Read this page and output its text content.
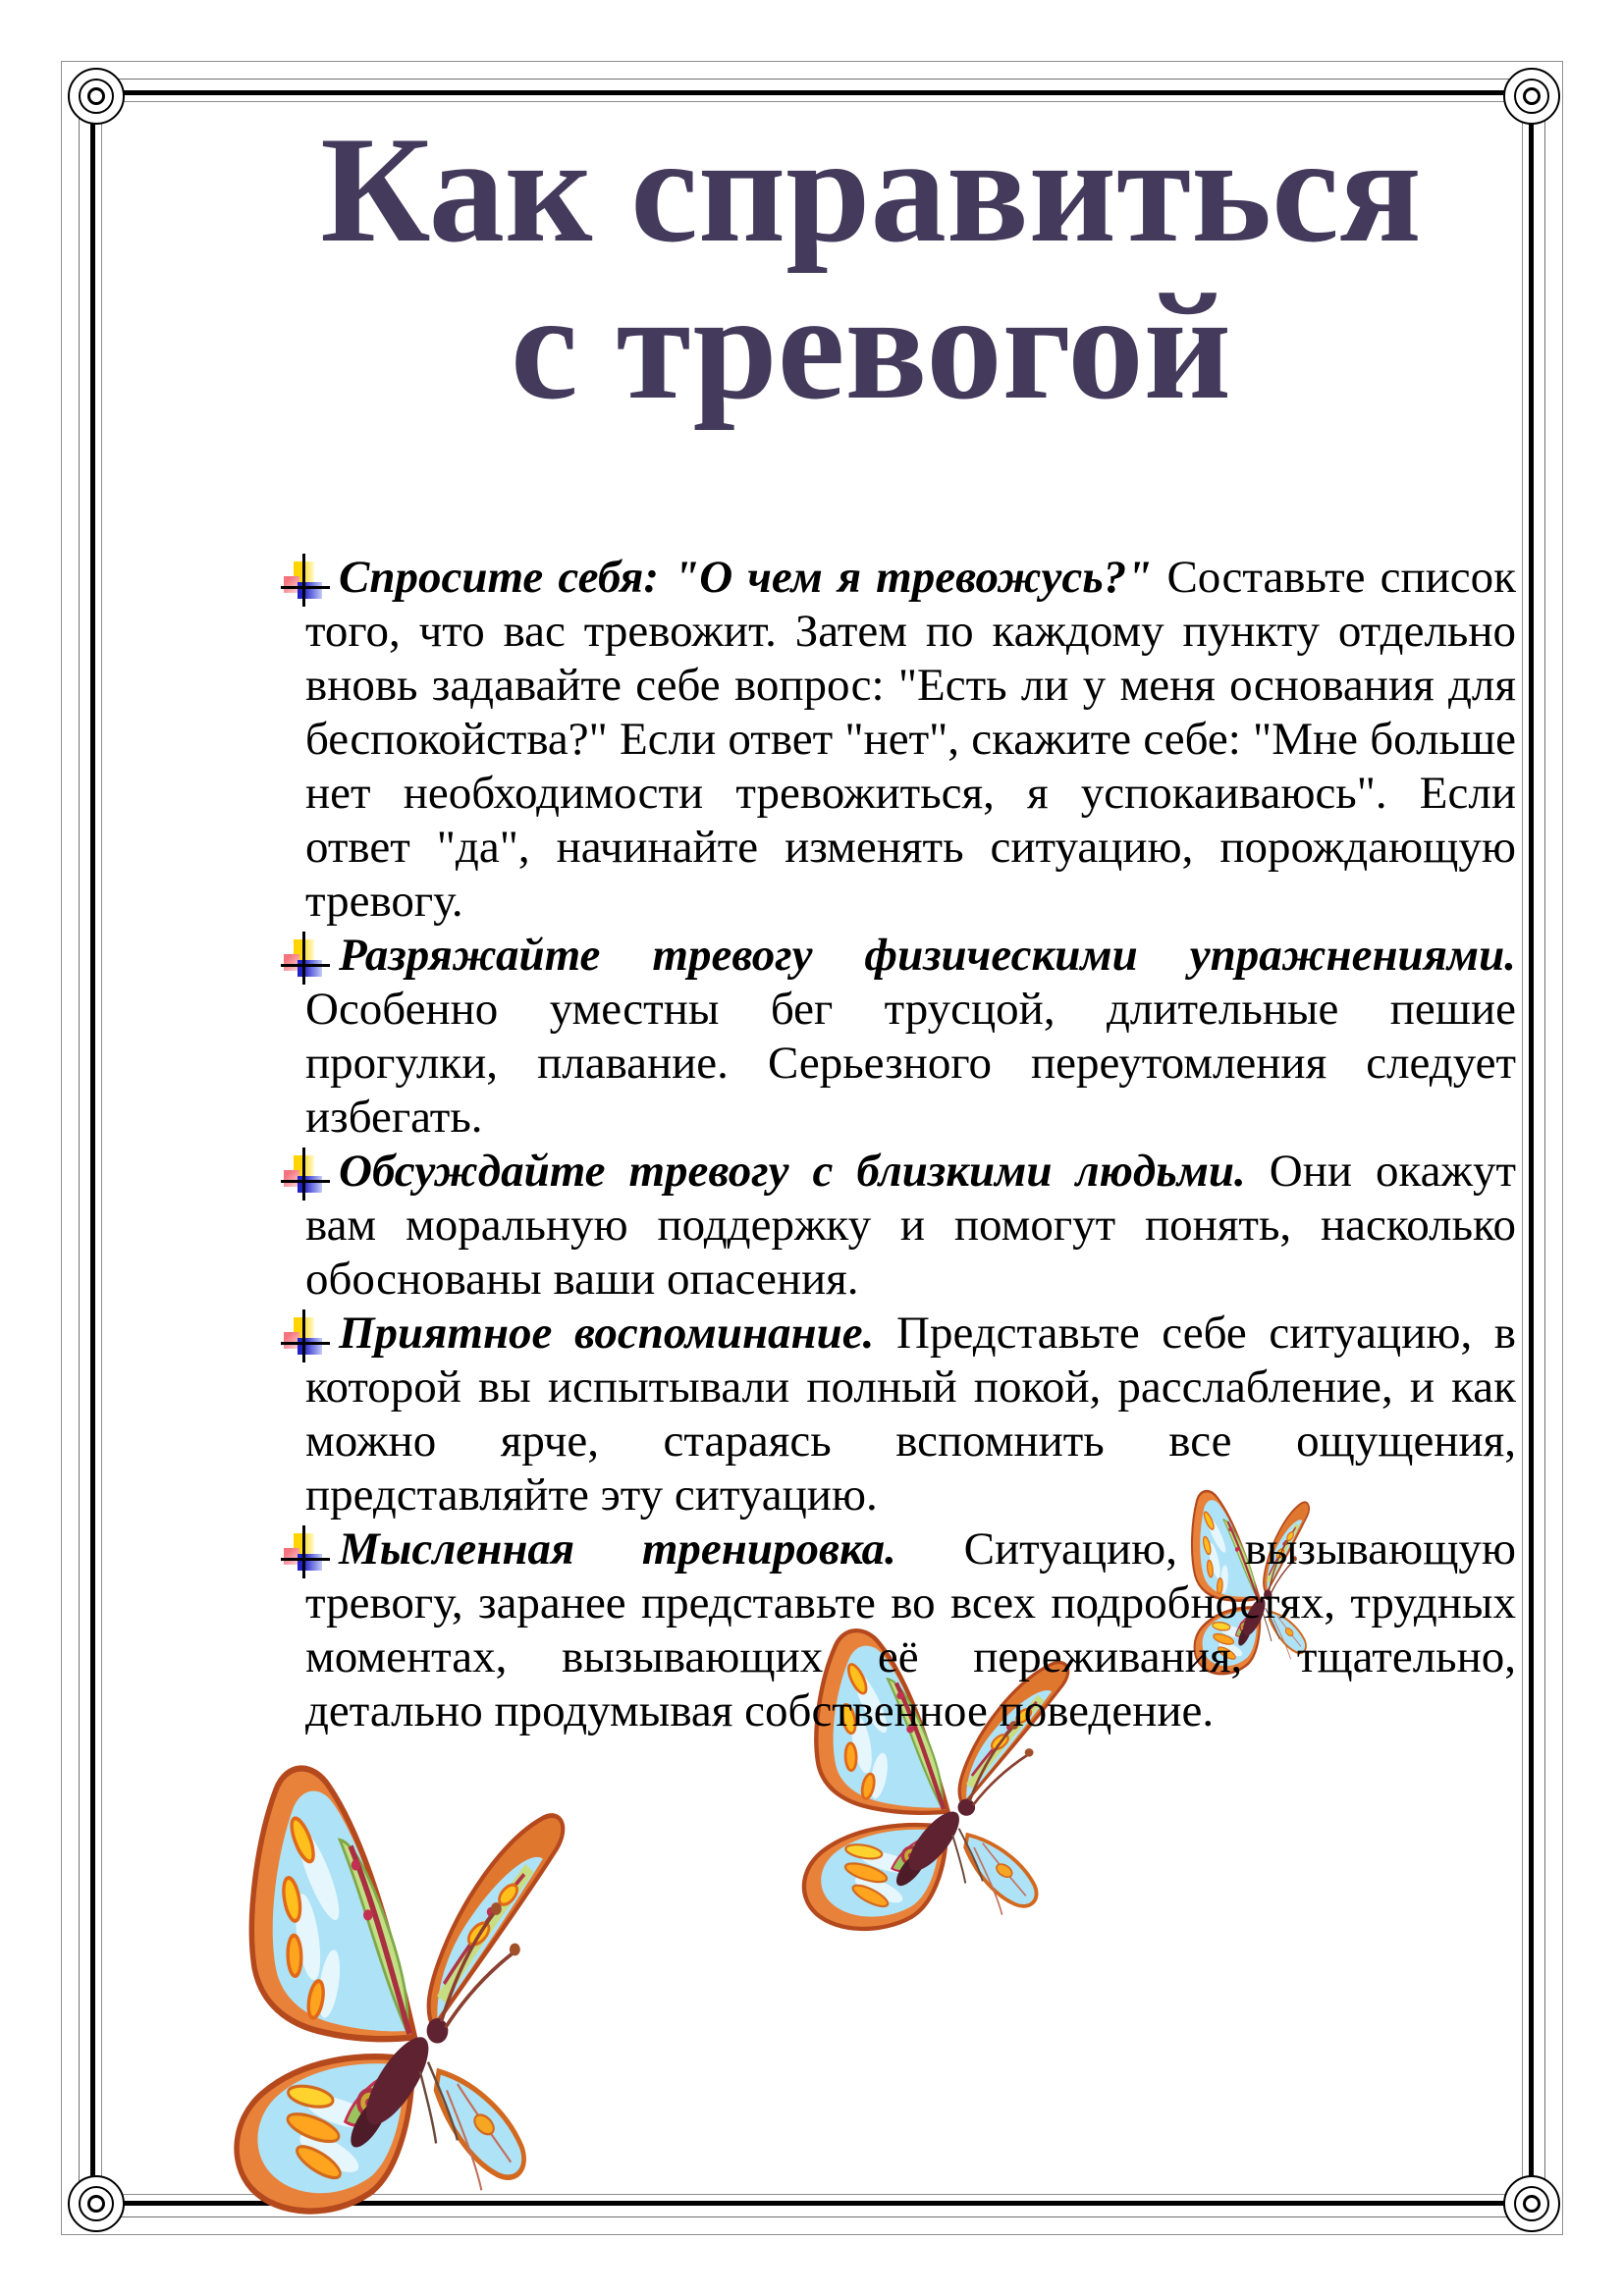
Как справиться с тревогой
Спросите себя: "О чем я тревожусь?" Составьте список того, что вас тревожит. Затем по каждому пункту отдельно вновь задавайте себе вопрос: "Есть ли у меня основания для беспокойства?" Если ответ "нет", скажите себе: "Мне больше нет необходимости тревожиться, я успокаиваюсь". Если ответ "да", начинайте изменять ситуацию, порождающую тревогу.
Разряжайте тревогу физическими упражнениями. Особенно уместны бег трусцой, длительные пешие прогулки, плавание. Серьезного переутомления следует избегать.
Обсуждайте тревогу с близкими людьми. Они окажут вам моральную поддержку и помогут понять, насколько обоснованы ваши опасения.
Приятное воспоминание. Представьте себе ситуацию, в которой вы испытывали полный покой, расслабление, и как можно ярче, стараясь вспомнить все ощущения, представляйте эту ситуацию.
Мысленная тренировка. Ситуацию, вызывающую тревогу, заранее представьте во всех подробностях, трудных моментах, вызывающих её переживания, тщательно, детально продумывая собственное поведение.
